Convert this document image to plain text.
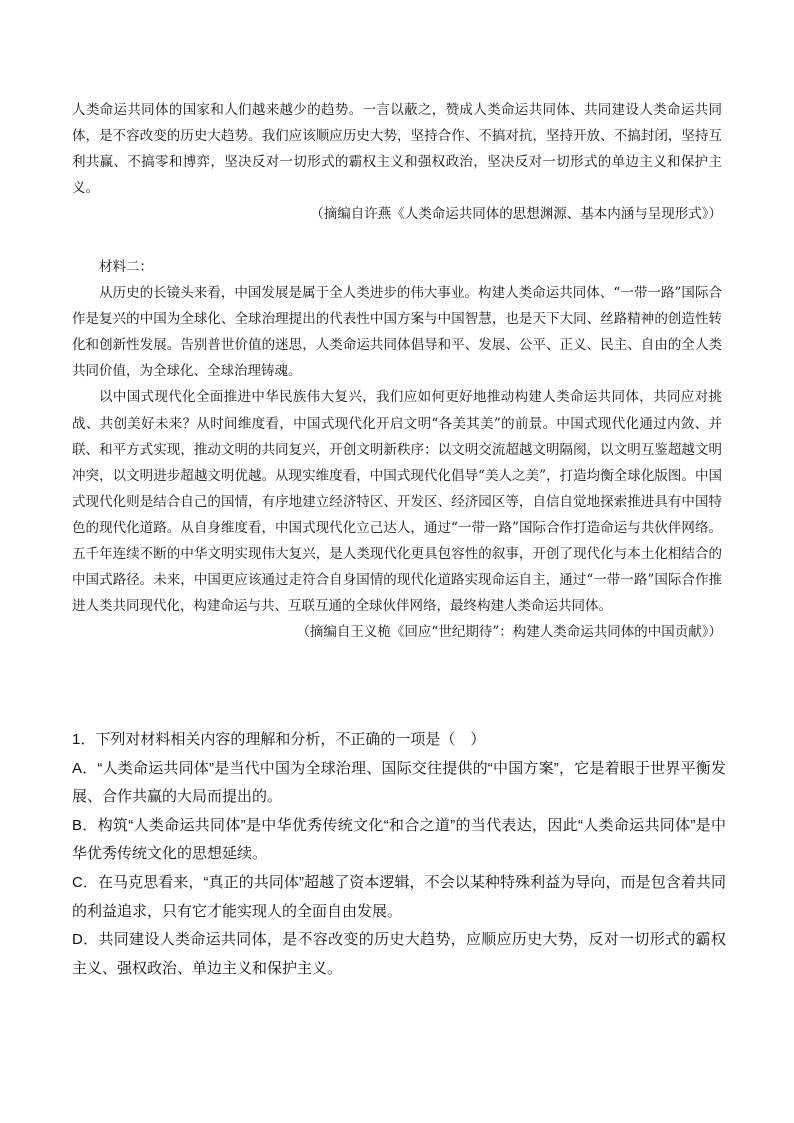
人类命运共同体的国家和人们越来越少的趋势。一言以蔽之，赞成人类命运共同体、共同建设人类命运共同体，是不容改变的历史大趋势。我们应该顺应历史大势，坚持合作、不搞对抗，坚持开放、不搞封闭，坚持互利共赢、不搞零和博弈，坚决反对一切形式的霸权主义和强权政治，坚决反对一切形式的单边主义和保护主义。

（摘编自许燕《人类命运共同体的思想渊源、基本内涵与呈现形式》）

材料二：

从历史的长镜头来看，中国发展是属于全人类进步的伟大事业。构建人类命运共同体、“一带一路”国际合作是复兴的中国为全球化、全球治理提出的代表性中国方案与中国智慧，也是天下大同、丝路精神的创造性转化和创新性发展。告别普世价值的迷思，人类命运共同体倡导和平、发展、公平、正义、民主、自由的全人类共同价值，为全球化、全球治理铸魂。

以中国式现代化全面推进中华民族伟大复兴，我们应如何更好地推动构建人类命运共同体，共同应对挑战、共创美好未来？从时间维度看，中国式现代化开启文明“各美其美”的前景。中国式现代化通过内敛、并联、和平方式实现，推动文明的共同复兴，开创文明新秩序：以文明交流超越文明隔阂，以文明互鉴超越文明冲突，以文明进步超越文明优越。从现实维度看，中国式现代化倡导“美人之美”，打造均衡全球化版图。中国式现代化则是结合自己的国情，有序地建立经济特区、开发区、经济园区等，自信自觉地探索推进具有中国特色的现代化道路。从自身维度看，中国式现代化立己达人，通过“一带一路”国际合作打造命运与共伙伴网络。五千年连续不断的中华文明实现伟大复兴，是人类现代化更具包容性的叙事，开创了现代化与本土化相结合的中国式路径。未来，中国更应该通过走符合自身国情的现代化道路实现命运自主，通过“一带一路”国际合作推进人类共同现代化，构建命运与共、互联互通的全球伙伴网络，最终构建人类命运共同体。

（摘编自王义桅《回应“世纪期待”：构建人类命运共同体的中国贡献》）

1．下列对材料相关内容的理解和分析，不正确的一项是（　）

A．“人类命运共同体”是当代中国为全球治理、国际交往提供的“中国方案”，它是着眼于世界平衡发展、合作共赢的大局而提出的。

B．构筑“人类命运共同体”是中华优秀传统文化“和合之道”的当代表达，因此“人类命运共同体”是中华优秀传统文化的思想延续。

C．在马克思看来，“真正的共同体”超越了资本逻辑，不会以某种特殊利益为导向，而是包含着共同的利益追求，只有它才能实现人的全面自由发展。

D．共同建设人类命运共同体，是不容改变的历史大趋势，应顺应历史大势，反对一切形式的霸权主义、强权政治、单边主义和保护主义。
